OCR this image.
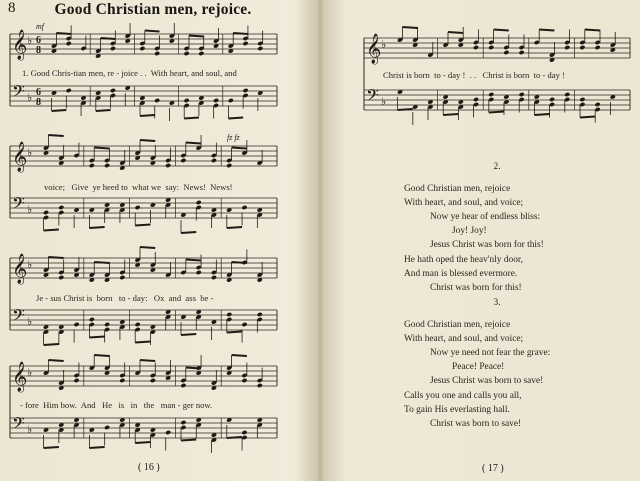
8	Good Christian men, rejoice.
𝄞
𝄢
♭
♭
6
8
6
8
mf
𝄞
𝄢
♭
♭
fz fz
𝄞
𝄢
♭
♭
𝄞
𝄢
♭
♭
1. Good Chris-tian men, re - joice . .  With heart, and soul, and
voice;   Give  ye heed to  what we  say:  News!  News!
Je - sus Christ is  born   to - day:   Ox  and  ass  be -
- fore  Him bow.  And   He   is   in   the   man - ger now.
( 16 )
𝄞
𝄢
♭
♭
Christ is born  to - day !  . .   Christ is born  to - day !
2.
Good Christian men, rejoice
With heart, and soul, and voice;
Now ye hear of endless bliss:
Joy! Joy!
Jesus Christ was born for this!
He hath oped the heav'nly door,
And man is blessed evermore.
Christ was born for this!
3.
Good Christian men, rejoice
With heart, and soul, and voice;
Now ye need not fear the grave:
Peace! Peace!
Jesus Christ was born to save!
Calls you one and calls you all,
To gain His everlasting hall.
Christ was born to save!
( 17 )
